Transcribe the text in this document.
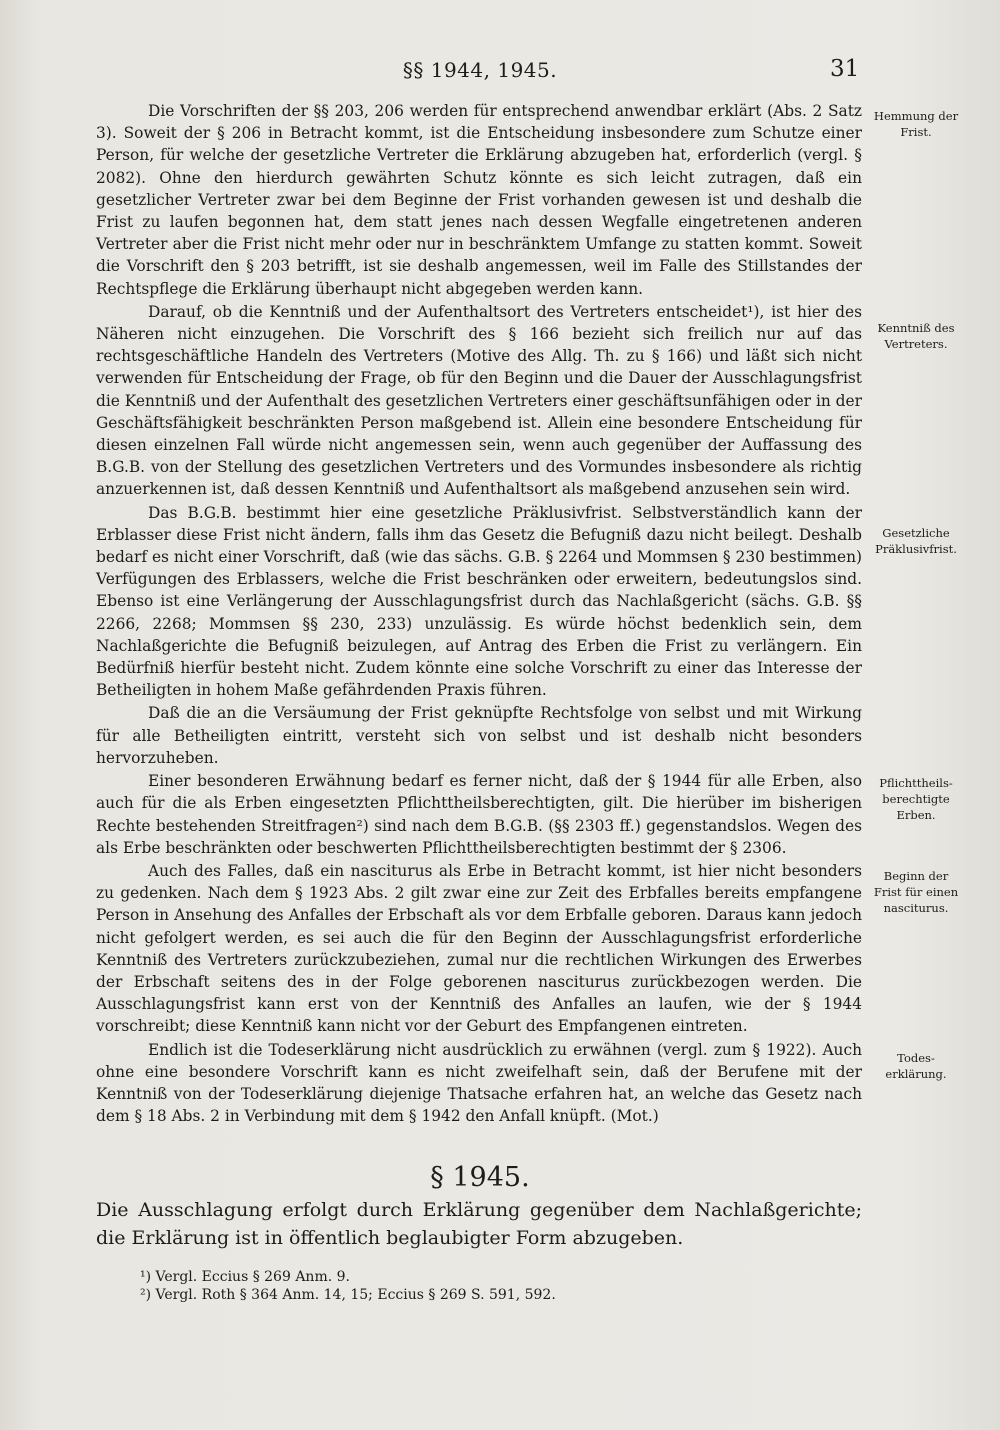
§§ 1944, 1945.	31

Die Vorschriften der §§ 203, 206 werden für entsprechend anwendbar erklärt (Abs. 2 Satz 3). Soweit der § 206 in Betracht kommt, ist die Entscheidung insbesondere zum Schutze einer Person, für welche der gesetzliche Vertreter die Erklärung abzugeben hat, erforderlich (vergl. § 2082). Ohne den hierdurch gewährten Schutz könnte es sich leicht zutragen, daß ein gesetzlicher Vertreter zwar bei dem Beginne der Frist vorhanden gewesen ist und deshalb die Frist zu laufen begonnen hat, dem statt jenes nach dessen Wegfalle eingetretenen anderen Vertreter aber die Frist nicht mehr oder nur in beschränktem Umfange zu statten kommt. Soweit die Vorschrift den § 203 betrifft, ist sie deshalb angemessen, weil im Falle des Stillstandes der Rechtspflege die Erklärung überhaupt nicht abgegeben werden kann.

Darauf, ob die Kenntniß und der Aufenthaltsort des Vertreters entscheidet¹), ist hier des Näheren nicht einzugehen. Die Vorschrift des § 166 bezieht sich freilich nur auf das rechtsgeschäftliche Handeln des Vertreters (Motive des Allg. Th. zu § 166) und läßt sich nicht verwenden für Entscheidung der Frage, ob für den Beginn und die Dauer der Ausschlagungsfrist die Kenntniß und der Aufenthalt des gesetzlichen Vertreters einer geschäftsunfähigen oder in der Geschäftsfähigkeit beschränkten Person maßgebend ist. Allein eine besondere Entscheidung für diesen einzelnen Fall würde nicht angemessen sein, wenn auch gegenüber der Auffassung des B.G.B. von der Stellung des gesetzlichen Vertreters und des Vormundes insbesondere als richtig anzuerkennen ist, daß dessen Kenntniß und Aufenthaltsort als maßgebend anzusehen sein wird.

Das B.G.B. bestimmt hier eine gesetzliche Präklusivfrist. Selbstverständlich kann der Erblasser diese Frist nicht ändern, falls ihm das Gesetz die Befugniß dazu nicht beilegt. Deshalb bedarf es nicht einer Vorschrift, daß (wie das sächs. G.B. § 2264 und Mommsen § 230 bestimmen) Verfügungen des Erblassers, welche die Frist beschränken oder erweitern, bedeutungslos sind. Ebenso ist eine Verlängerung der Ausschlagungsfrist durch das Nachlaßgericht (sächs. G.B. §§ 2266, 2268; Mommsen §§ 230, 233) unzulässig. Es würde höchst bedenklich sein, dem Nachlaßgerichte die Befugniß beizulegen, auf Antrag des Erben die Frist zu verlängern. Ein Bedürfniß hierfür besteht nicht. Zudem könnte eine solche Vorschrift zu einer das Interesse der Betheiligten in hohem Maße gefährdenden Praxis führen.

Daß die an die Versäumung der Frist geknüpfte Rechtsfolge von selbst und mit Wirkung für alle Betheiligten eintritt, versteht sich von selbst und ist deshalb nicht besonders hervorzuheben.

Einer besonderen Erwähnung bedarf es ferner nicht, daß der § 1944 für alle Erben, also auch für die als Erben eingesetzten Pflichttheilsberechtigten, gilt. Die hierüber im bisherigen Rechte bestehenden Streitfragen²) sind nach dem B.G.B. (§§ 2303 ff.) gegenstandslos. Wegen des als Erbe beschränkten oder beschwerten Pflichttheilsberechtigten bestimmt der § 2306.

Auch des Falles, daß ein nasciturus als Erbe in Betracht kommt, ist hier nicht besonders zu gedenken. Nach dem § 1923 Abs. 2 gilt zwar eine zur Zeit des Erbfalles bereits empfangene Person in Ansehung des Anfalles der Erbschaft als vor dem Erbfalle geboren. Daraus kann jedoch nicht gefolgert werden, es sei auch die für den Beginn der Ausschlagungsfrist erforderliche Kenntniß des Vertreters zurückzubeziehen, zumal nur die rechtlichen Wirkungen des Erwerbes der Erbschaft seitens des in der Folge geborenen nasciturus zurückbezogen werden. Die Ausschlagungsfrist kann erst von der Kenntniß des Anfalles an laufen, wie der § 1944 vorschreibt; diese Kenntniß kann nicht vor der Geburt des Empfangenen eintreten.

Endlich ist die Todeserklärung nicht ausdrücklich zu erwähnen (vergl. zum § 1922). Auch ohne eine besondere Vorschrift kann es nicht zweifelhaft sein, daß der Berufene mit der Kenntniß von der Todeserklärung diejenige Thatsache erfahren hat, an welche das Gesetz nach dem § 18 Abs. 2 in Verbindung mit dem § 1942 den Anfall knüpft. (Mot.)

Hemmung der Frist.
Kenntniß des Vertreters.
Gesetzliche Präklusivfrist.
Pflichttheils-berechtigte Erben.
Beginn der Frist für einen nasciturus.
Todes-erklärung.
§ 1945.
Die Ausschlagung erfolgt durch Erklärung gegenüber dem Nachlaßgerichte; die Erklärung ist in öffentlich beglaubigter Form abzugeben.
¹) Vergl. Eccius § 269 Anm. 9.
²) Vergl. Roth § 364 Anm. 14, 15; Eccius § 269 S. 591, 592.
